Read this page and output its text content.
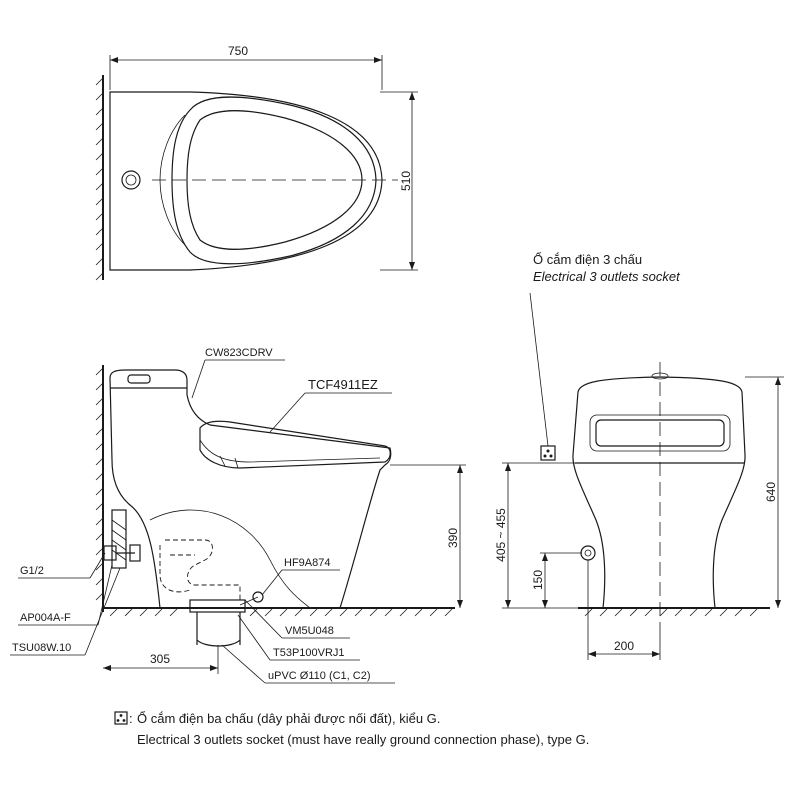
750
510
390
305
CW823CDRV
TCF4911EZ
HF9A874
G1/2
AP004A-F
TSU08W.10
VM5U048
T53P100VRJ1
uPVC Ø110 (C1, C2)
Ổ cắm điện 3 chấu
Electrical 3 outlets socket
640
405 ~ 455
150
200
: Ổ cắm điện ba chấu (dây phải được nối đất), kiểu G.
Electrical 3 outlets socket (must have really ground connection phase), type G.
